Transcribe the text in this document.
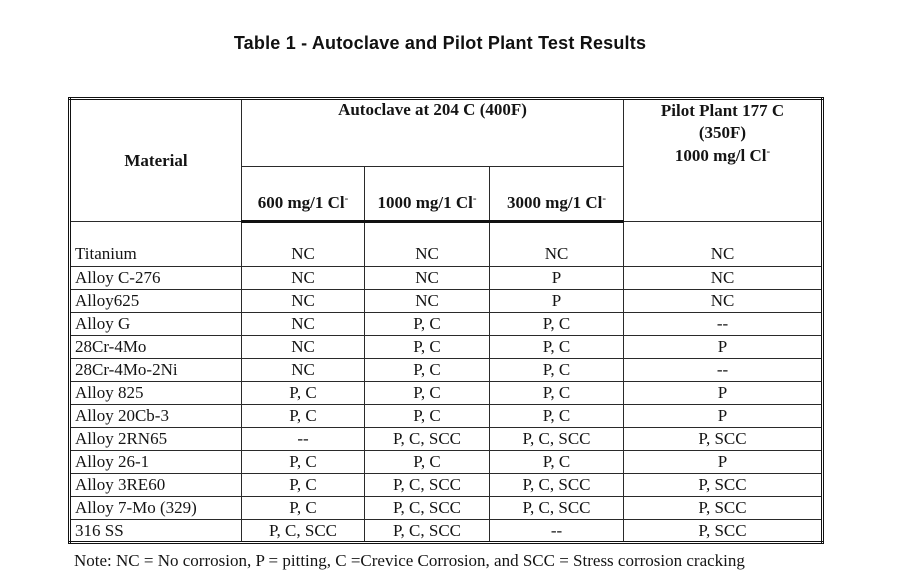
Table 1 - Autoclave and Pilot Plant Test Results
Material	Autoclave at 204 C (400F)			Pilot Plant 177 C
(350F)
1000 mg/l Cl-

	600 mg/1 Cl-	1000 mg/1 Cl-	3000 mg/1 Cl-
Titanium	NC	NC	NC	NC
Alloy C-276	NC	NC	P	NC
Alloy625	NC	NC	P	NC
Alloy G	NC	P, C	P, C	--
28Cr-4Mo	NC	P, C	P, C	P
28Cr-4Mo-2Ni	NC	P, C	P, C	--
Alloy 825	P, C	P, C	P, C	P
Alloy 20Cb-3	P, C	P, C	P, C	P
Alloy 2RN65	--	P, C, SCC	P, C, SCC	P, SCC
Alloy 26-1	P, C	P, C	P, C	P
Alloy 3RE60	P, C	P, C, SCC	P, C, SCC	P, SCC
Alloy 7-Mo (329)	P, C	P, C, SCC	P, C, SCC	P, SCC
316 SS	P, C, SCC	P, C, SCC	--	P, SCC
Note: NC = No corrosion, P = pitting, C =Crevice Corrosion, and SCC = Stress corrosion cracking
